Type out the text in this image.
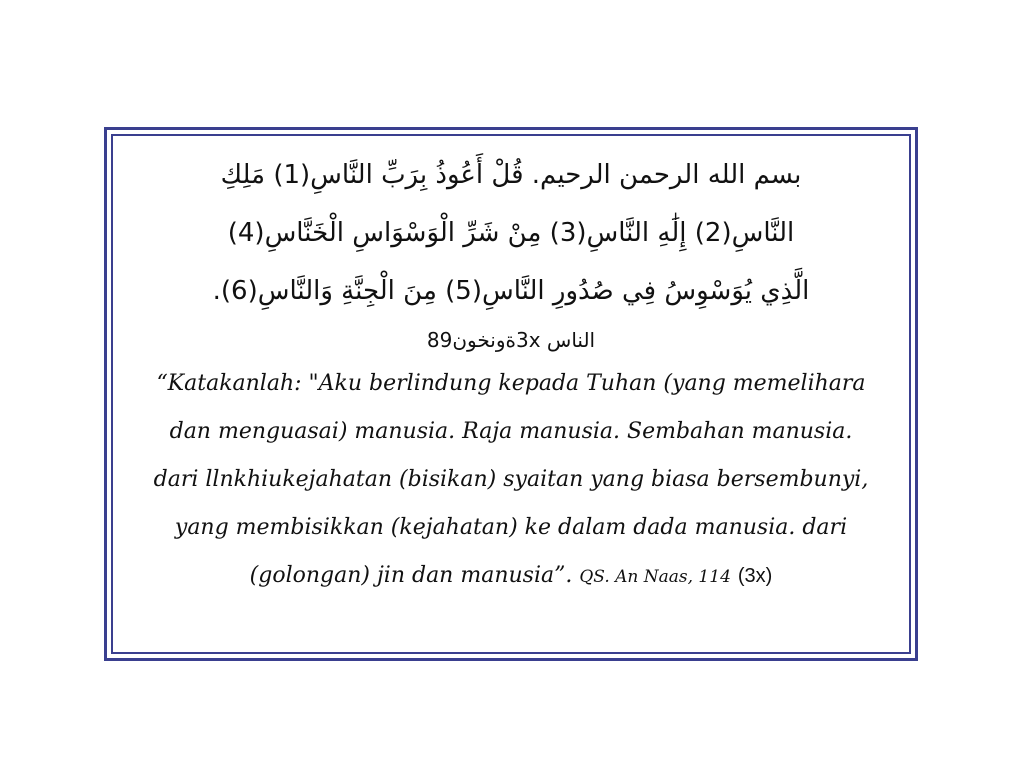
بسم الله الرحمن الرحيم. قُلْ أَعُوذُ بِرَبِّ النَّاسِ(1) مَلِكِ
النَّاسِ(2) إِلَٰهِ النَّاسِ(3) مِنْ شَرِّ الْوَسْوَاسِ الْخَنَّاسِ(4)
الَّذِي يُوَسْوِسُ فِي صُدُورِ النَّاسِ(5) مِنَ الْجِنَّةِ وَالنَّاسِ(6).
الناس 3xةونخون89
“Katakanlah: "Aku berlindung kepada Tuhan (yang memelihara
dan menguasai) manusia. Raja manusia. Sembahan manusia.
dari llnkhiukejahatan (bisikan) syaitan yang biasa bersembunyi,
yang membisikkan (kejahatan) ke dalam dada manusia. dari
(golongan) jin dan manusia”. QS. An Naas, 114 (3x)
